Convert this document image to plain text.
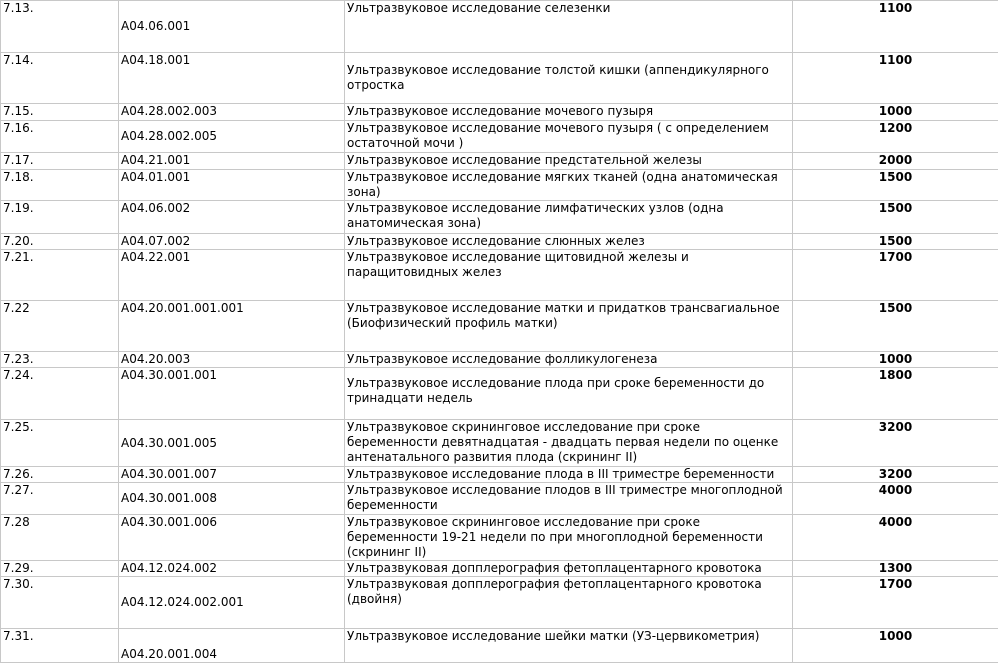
7.13.	A04.06.001	Ультразвуковое исследование селезенки	1100
7.14.	A04.18.001	Ультразвуковое исследование толстой кишки (аппендикулярного отростка	1100
7.15.	A04.28.002.003	Ультразвуковое исследование мочевого пузыря	1000
7.16.	A04.28.002.005	Ультразвуковое исследование мочевого пузыря ( с определением остаточной мочи )	1200
7.17.	A04.21.001	Ультразвуковое исследование предстательной железы	2000
7.18.	A04.01.001	Ультразвуковое исследование мягких тканей (одна анатомическая зона)	1500
7.19.	A04.06.002	Ультразвуковое исследование лимфатических узлов (одна анатомическая зона)	1500
7.20.	A04.07.002	Ультразвуковое исследование слюнных желез	1500
7.21.	A04.22.001	Ультразвуковое исследование щитовидной железы и паращитовидных желез	1700
7.22	A04.20.001.001.001	Ультразвуковое исследование матки и придатков трансвагиальное (Биофизический профиль матки)	1500
7.23.	A04.20.003	Ультразвуковое исследование фолликулогенеза	1000
7.24.	A04.30.001.001	Ультразвуковое исследование плода при сроке беременности до тринадцати недель	1800
7.25.	A04.30.001.005	Ультразвуковое скрининговое исследование при сроке беременности девятнадцатая - двадцать первая недели по оценке антенатального развития плода (скрининг II)	3200
7.26.	A04.30.001.007	Ультразвуковое исследование плода в III триместре беременности	3200
7.27.	A04.30.001.008	Ультразвуковое исследование плодов в III триместре многоплодной беременности	4000
7.28	A04.30.001.006	Ультразвуковое скрининговое исследование при сроке беременности 19-21 недели по при многоплодной беременности (скрининг II)	4000
7.29.	A04.12.024.002	Ультразвуковая допплерография фетоплацентарного кровотока	1300
7.30.	A04.12.024.002.001	Ультразвуковая допплерография фетоплацентарного кровотока (двойня)	1700
7.31.	A04.20.001.004	Ультразвуковое исследование шейки матки (УЗ-цервикометрия)	1000
